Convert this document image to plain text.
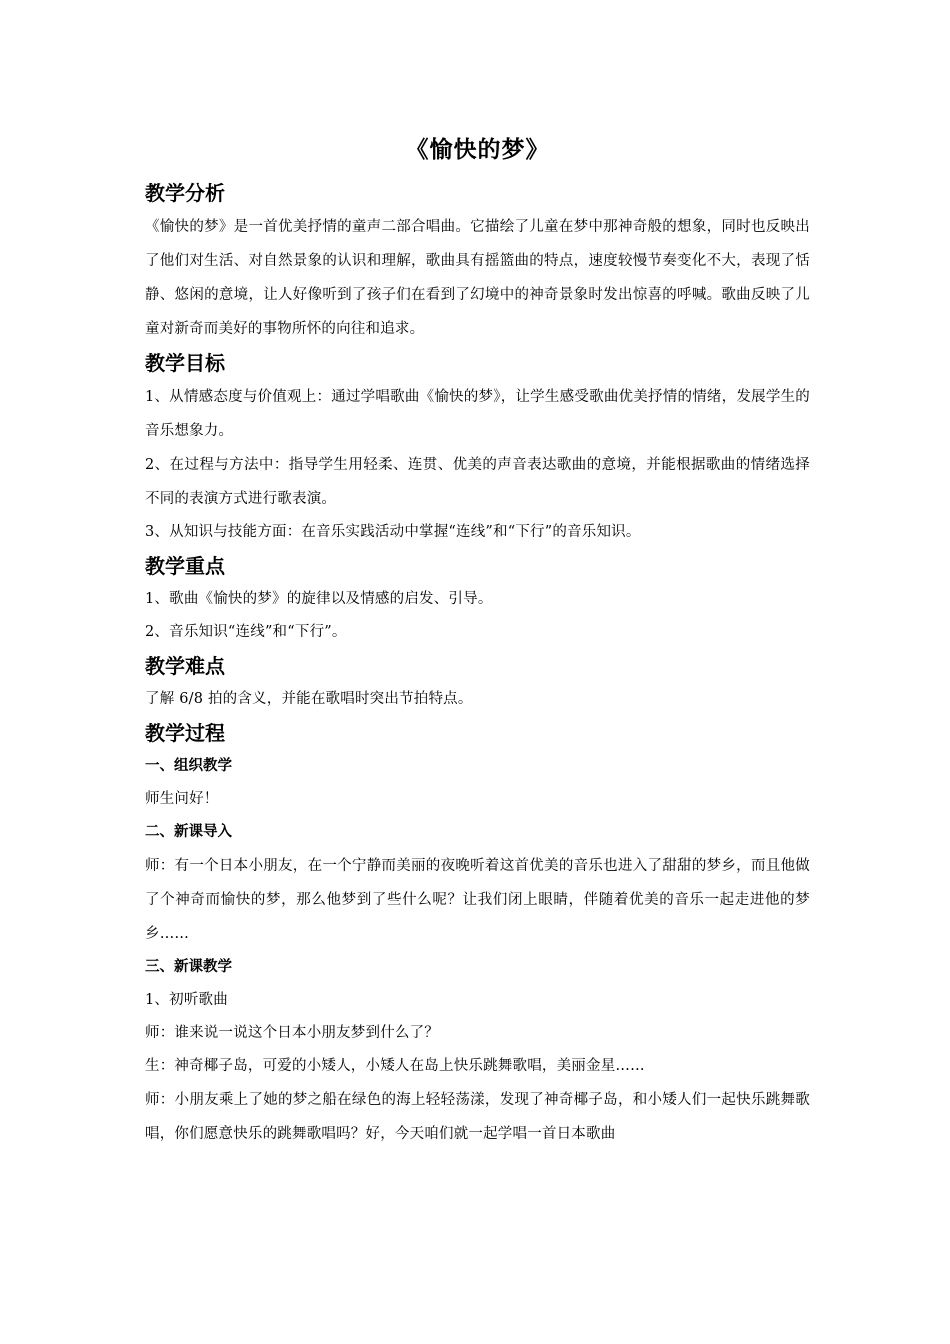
《愉快的梦》
教学分析

《愉快的梦》是一首优美抒情的童声二部合唱曲。它描绘了儿童在梦中那神奇般的想象，同时也反映出了他们对生活、对自然景象的认识和理解，歌曲具有摇篮曲的特点，速度较慢节奏变化不大，表现了恬静、悠闲的意境，让人好像听到了孩子们在看到了幻境中的神奇景象时发出惊喜的呼喊。歌曲反映了儿童对新奇而美好的事物所怀的向往和追求。

教学目标

1、从情感态度与价值观上：通过学唱歌曲《愉快的梦》，让学生感受歌曲优美抒情的情绪，发展学生的音乐想象力。

2、在过程与方法中：指导学生用轻柔、连贯、优美的声音表达歌曲的意境，并能根据歌曲的情绪选择不同的表演方式进行歌表演。

3、从知识与技能方面：在音乐实践活动中掌握“连线”和“下行”的音乐知识。

教学重点

1、歌曲《愉快的梦》的旋律以及情感的启发、引导。

2、音乐知识“连线”和“下行”。

教学难点

了解 6/8 拍的含义，并能在歌唱时突出节拍特点。

教学过程
一、组织教学

师生问好！

二、新课导入

师：有一个日本小朋友，在一个宁静而美丽的夜晚听着这首优美的音乐也进入了甜甜的梦乡，而且他做了个神奇而愉快的梦，那么他梦到了些什么呢？让我们闭上眼睛，伴随着优美的音乐一起走进他的梦乡……

三、新课教学

1、初听歌曲

师：谁来说一说这个日本小朋友梦到什么了？

生：神奇椰子岛，可爱的小矮人，小矮人在岛上快乐跳舞歌唱，美丽金星……

师：小朋友乘上了她的梦之船在绿色的海上轻轻荡漾，发现了神奇椰子岛，和小矮人们一起快乐跳舞歌唱，你们愿意快乐的跳舞歌唱吗？好，今天咱们就一起学唱一首日本歌曲
